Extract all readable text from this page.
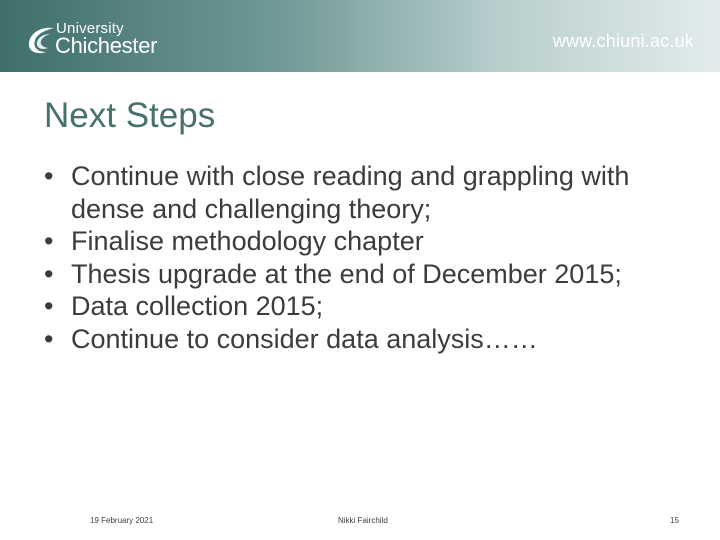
University
Chichester	www.chiuni.ac.uk
Next Steps
• Continue with close reading and grappling with dense and challenging theory;
• Finalise methodology chapter
• Thesis upgrade at the end of December 2015;
• Data collection 2015;
• Continue to consider data analysis……
19 February 2021	Nikki Fairchild	15
